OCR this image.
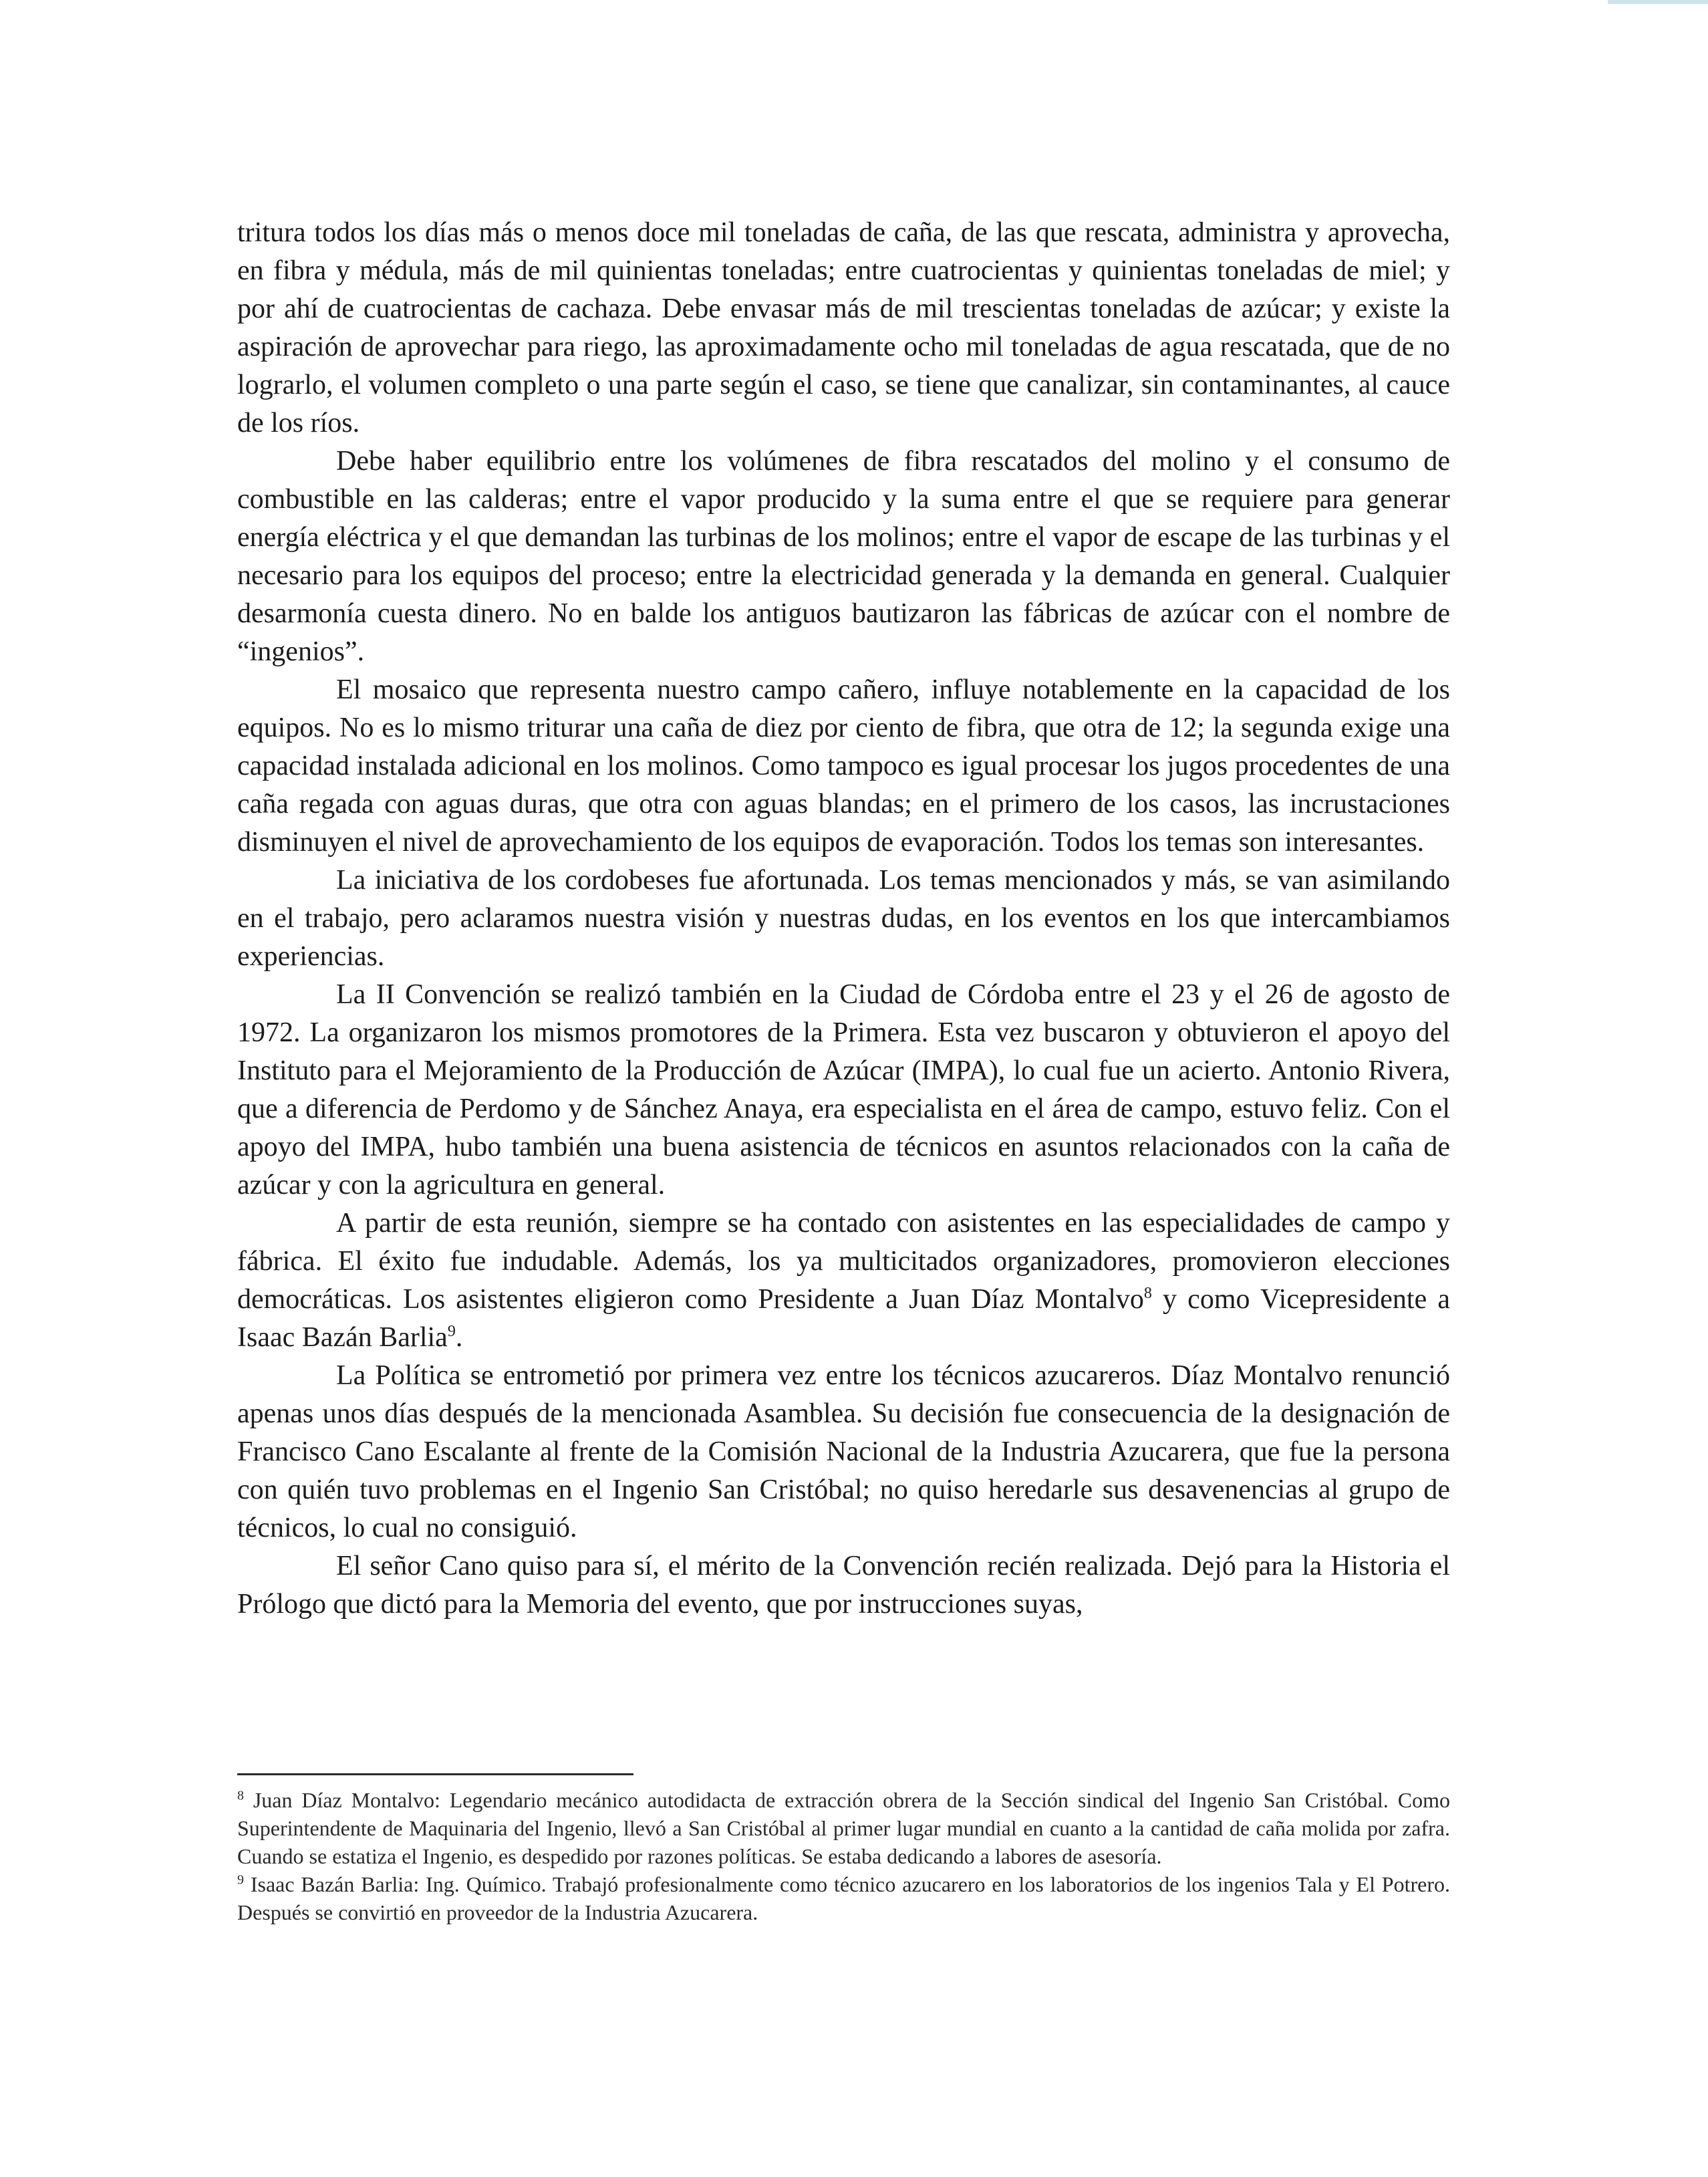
tritura todos los días más o menos doce mil toneladas de caña, de las que rescata, administra y aprovecha, en fibra y médula, más de mil quinientas toneladas; entre cuatrocientas y quinientas toneladas de miel; y por ahí de cuatrocientas de cachaza. Debe envasar más de mil trescientas toneladas de azúcar; y existe la aspiración de aprovechar para riego, las aproximadamente ocho mil toneladas de agua rescatada, que de no lograrlo, el volumen completo o una parte según el caso, se tiene que canalizar, sin contaminantes, al cauce de los ríos.

Debe haber equilibrio entre los volúmenes de fibra rescatados del molino y el consumo de combustible en las calderas; entre el vapor producido y la suma entre el que se requiere para generar energía eléctrica y el que demandan las turbinas de los molinos; entre el vapor de escape de las turbinas y el necesario para los equipos del proceso; entre la electricidad generada y la demanda en general. Cualquier desarmonía cuesta dinero. No en balde los antiguos bautizaron las fábricas de azúcar con el nombre de “ingenios”.

El mosaico que representa nuestro campo cañero, influye notablemente en la capacidad de los equipos. No es lo mismo triturar una caña de diez por ciento de fibra, que otra de 12; la segunda exige una capacidad instalada adicional en los molinos. Como tampoco es igual procesar los jugos procedentes de una caña regada con aguas duras, que otra con aguas blandas; en el primero de los casos, las incrustaciones disminuyen el nivel de aprovechamiento de los equipos de evaporación. Todos los temas son interesantes.

La iniciativa de los cordobeses fue afortunada. Los temas mencionados y más, se van asimilando en el trabajo, pero aclaramos nuestra visión y nuestras dudas, en los eventos en los que intercambiamos experiencias.

La II Convención se realizó también en la Ciudad de Córdoba entre el 23 y el 26 de agosto de 1972. La organizaron los mismos promotores de la Primera. Esta vez buscaron y obtuvieron el apoyo del Instituto para el Mejoramiento de la Producción de Azúcar (IMPA), lo cual fue un acierto. Antonio Rivera, que a diferencia de Perdomo y de Sánchez Anaya, era especialista en el área de campo, estuvo feliz. Con el apoyo del IMPA, hubo también una buena asistencia de técnicos en asuntos relacionados con la caña de azúcar y con la agricultura en general.

A partir de esta reunión, siempre se ha contado con asistentes en las especialidades de campo y fábrica. El éxito fue indudable. Además, los ya multicitados organizadores, promovieron elecciones democráticas. Los asistentes eligieron como Presidente a Juan Díaz Montalvo$^8$ y como Vicepresidente a Isaac Bazán Barlia$^9$.

La Política se entrometió por primera vez entre los técnicos azucareros. Díaz Montalvo renunció apenas unos días después de la mencionada Asamblea. Su decisión fue consecuencia de la designación de Francisco Cano Escalante al frente de la Comisión Nacional de la Industria Azucarera, que fue la persona con quién tuvo problemas en el Ingenio San Cristóbal; no quiso heredarle sus desavenencias al grupo de técnicos, lo cual no consiguió.

El señor Cano quiso para sí, el mérito de la Convención recién realizada. Dejó para la Historia el Prólogo que dictó para la Memoria del evento, que por instrucciones suyas,

$^8$ Juan Díaz Montalvo: Legendario mecánico autodidacta de extracción obrera de la Sección sindical del Ingenio San Cristóbal. Como Superintendente de Maquinaria del Ingenio, llevó a San Cristóbal al primer lugar mundial en cuanto a la cantidad de caña molida por zafra. Cuando se estatiza el Ingenio, es despedido por razones políticas. Se estaba dedicando a labores de asesoría.

$^9$ Isaac Bazán Barlia: Ing. Químico. Trabajó profesionalmente como técnico azucarero en los laboratorios de los ingenios Tala y El Potrero. Después se convirtió en proveedor de la Industria Azucarera.
